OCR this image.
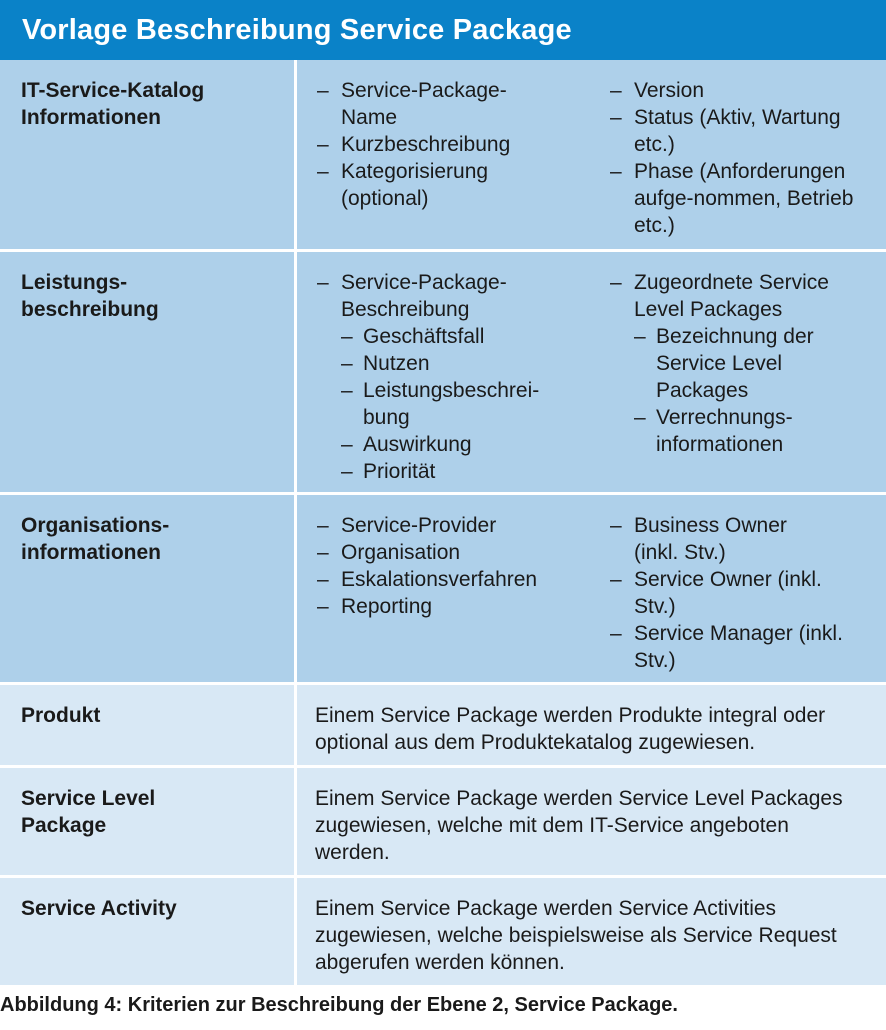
Vorlage Beschreibung Service Package
IT-Service-Katalog Informationen
– Service-Package-Name
– Kurzbeschreibung
– Kategorisierung (optional)
– Version
– Status (Aktiv, Wartung etc.)
– Phase (Anforderungen aufge-nommen, Betrieb etc.)
Leistungs-beschreibung
– Service-Package-Beschreibung
– Geschäftsfall
– Nutzen
– Leistungsbeschrei-bung
– Auswirkung
– Priorität
– Zugeordnete Service Level Packages
– Bezeichnung der Service Level Packages
– Verrechnungs-informationen
Organisations-informationen
– Service-Provider
– Organisation
– Eskalationsverfahren
– Reporting
– Business Owner (inkl. Stv.)
– Service Owner (inkl. Stv.)
– Service Manager (inkl. Stv.)
Produkt	Einem Service Package werden Produkte integral oder optional aus dem Produktekatalog zugewiesen.
Service Level Package
Einem Service Package werden Service Level Packages zugewiesen, welche mit dem IT-Service angeboten werden.
Service Activity	Einem Service Package werden Service Activities zugewiesen, welche beispielsweise als Service Request abgerufen werden können.
Abbildung 4: Kriterien zur Beschreibung der Ebene 2, Service Package.
